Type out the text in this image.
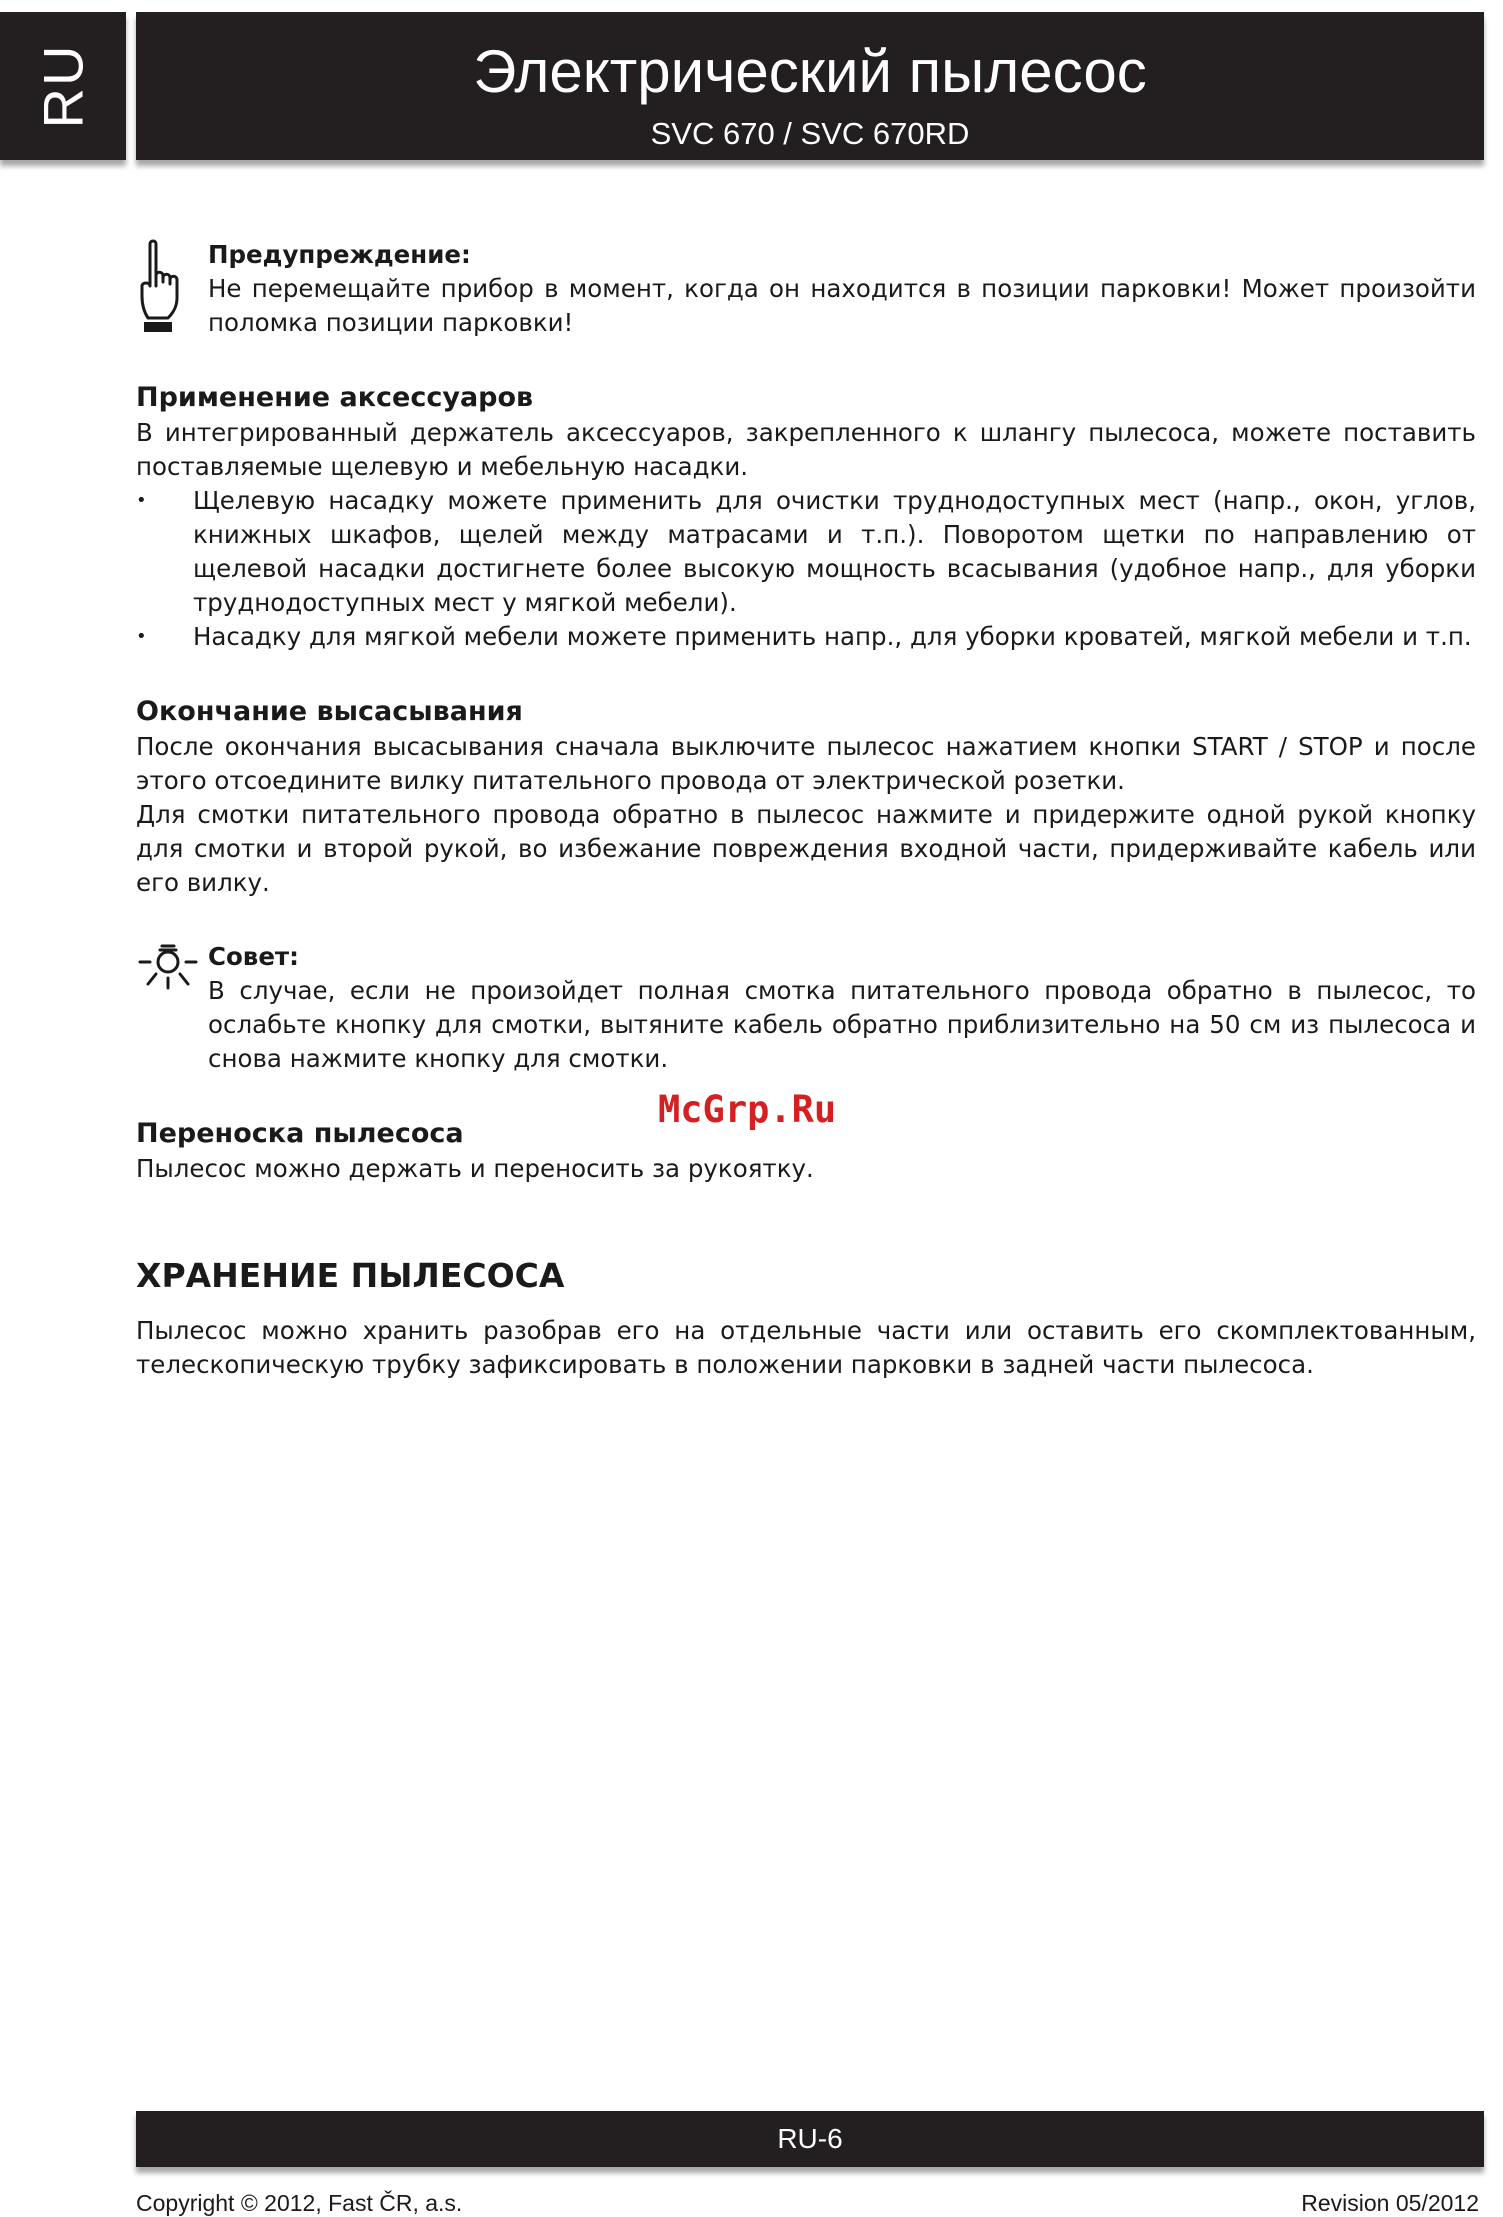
RU	Электрический пылесос
SVC 670 / SVC 670RD
Предупреждение:

Не перемещайте прибор в момент, когда он находится в позиции парковки! Может произойти поломка позиции парковки!

Применение аксессуаров

В интегрированный держатель аксессуаров, закрепленного к шлангу пылесоса, можете поставить поставляемые щелевую и мебельную насадки.

• Щелевую насадку можете применить для очистки труднодоступных мест (напр., окон, углов, книжных шкафов, щелей между матрасами и т.п.). Поворотом щетки по направлению от щелевой насадки достигнете более высокую мощность всасывания (удобное напр., для уборки труднодоступных мест у мягкой мебели).
• Насадку для мягкой мебели можете применить напр., для уборки кроватей, мягкой мебели и т.п.
Окончание высасывания

После окончания высасывания сначала выключите пылесос нажатием кнопки START / STOP и после этого отсоедините вилку питательного провода от электрической розетки.

Для смотки питательного провода обратно в пылесос нажмите и придержите одной рукой кнопку для смотки и второй рукой, во избежание повреждения входной части, придерживайте кабель или его вилку.

Совет:

В случае, если не произойдет полная смотка питательного провода обратно в пылесос, то ослабьте кнопку для смотки, вытяните кабель обратно приблизительно на 50 см из пылесоса и снова нажмите кнопку для смотки.

Переноска пылесоса

Пылесос можно держать и переносить за рукоятку.

ХРАНЕНИЕ ПЫЛЕСОСА

Пылесос можно хранить разобрав его на отдельные части или оставить его скомплектованным, телескопическую трубку зафиксировать в положении парковки в задней части пылесоса.

McGrp.Ru
RU-6
Copyright © 2012, Fast ČR, a.s.	Revision 05/2012
